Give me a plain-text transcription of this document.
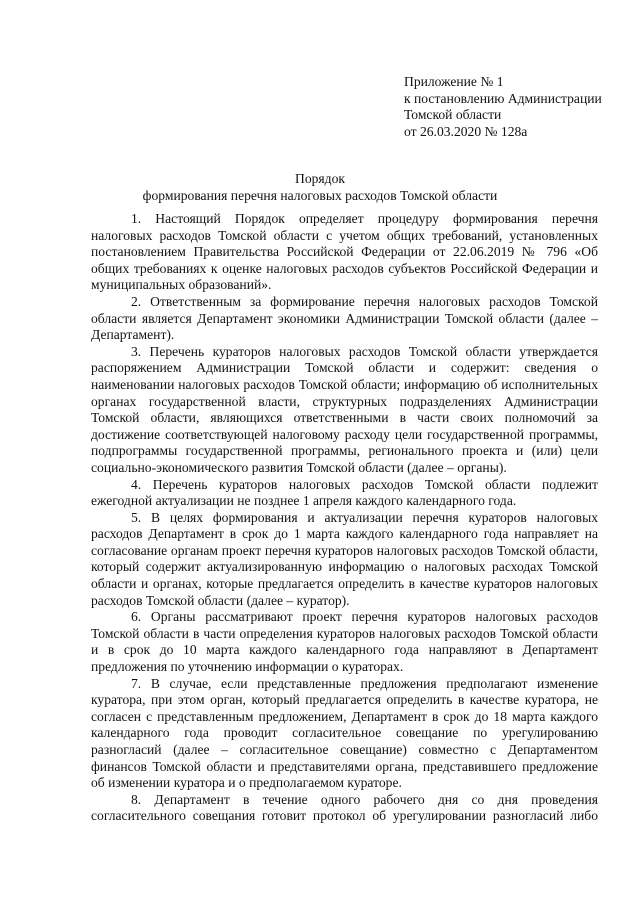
Приложение № 1
к постановлению Администрации
Томской области
от 26.03.2020 № 128а
Порядок
формирования перечня налоговых расходов Томской области

1. Настоящий Порядок определяет процедуру формирования перечня налоговых расходов Томской области с учетом общих требований, установленных постановлением Правительства Российской Федерации от 22.06.2019 № 796 «Об общих требованиях к оценке налоговых расходов субъектов Российской Федерации и муниципальных образований».

2. Ответственным за формирование перечня налоговых расходов Томской области является Департамент экономики Администрации Томской области (далее – Департамент).

3. Перечень кураторов налоговых расходов Томской области утверждается распоряжением Администрации Томской области и содержит: сведения о наименовании налоговых расходов Томской области; информацию об исполнительных органах государственной власти, структурных подразделениях Администрации Томской области, являющихся ответственными в части своих полномочий за достижение соответствующей налоговому расходу цели государственной программы, подпрограммы государственной программы, регионального проекта и (или) цели социально-экономического развития Томской области (далее – органы).

4. Перечень кураторов налоговых расходов Томской области подлежит ежегодной актуализации не позднее 1 апреля каждого календарного года.

5. В целях формирования и актуализации перечня кураторов налоговых расходов Департамент в срок до 1 марта каждого календарного года направляет на согласование органам проект перечня кураторов налоговых расходов Томской области, который содержит актуализированную информацию о налоговых расходах Томской области и органах, которые предлагается определить в качестве кураторов налоговых расходов Томской области (далее – куратор).

6. Органы рассматривают проект перечня кураторов налоговых расходов Томской области в части определения кураторов налоговых расходов Томской области и в срок до 10 марта каждого календарного года направляют в Департамент предложения по уточнению информации о кураторах.

7. В случае, если представленные предложения предполагают изменение куратора, при этом орган, который предлагается определить в качестве куратора, не согласен с представленным предложением, Департамент в срок до 18 марта каждого календарного года проводит согласительное совещание по урегулированию разногласий (далее – согласительное совещание) совместно с Департаментом финансов Томской области и представителями органа, представившего предложение об изменении куратора и о предполагаемом кураторе.

8. Департамент в течение одного рабочего дня со дня проведения согласительного совещания готовит протокол об урегулировании разногласий либо
